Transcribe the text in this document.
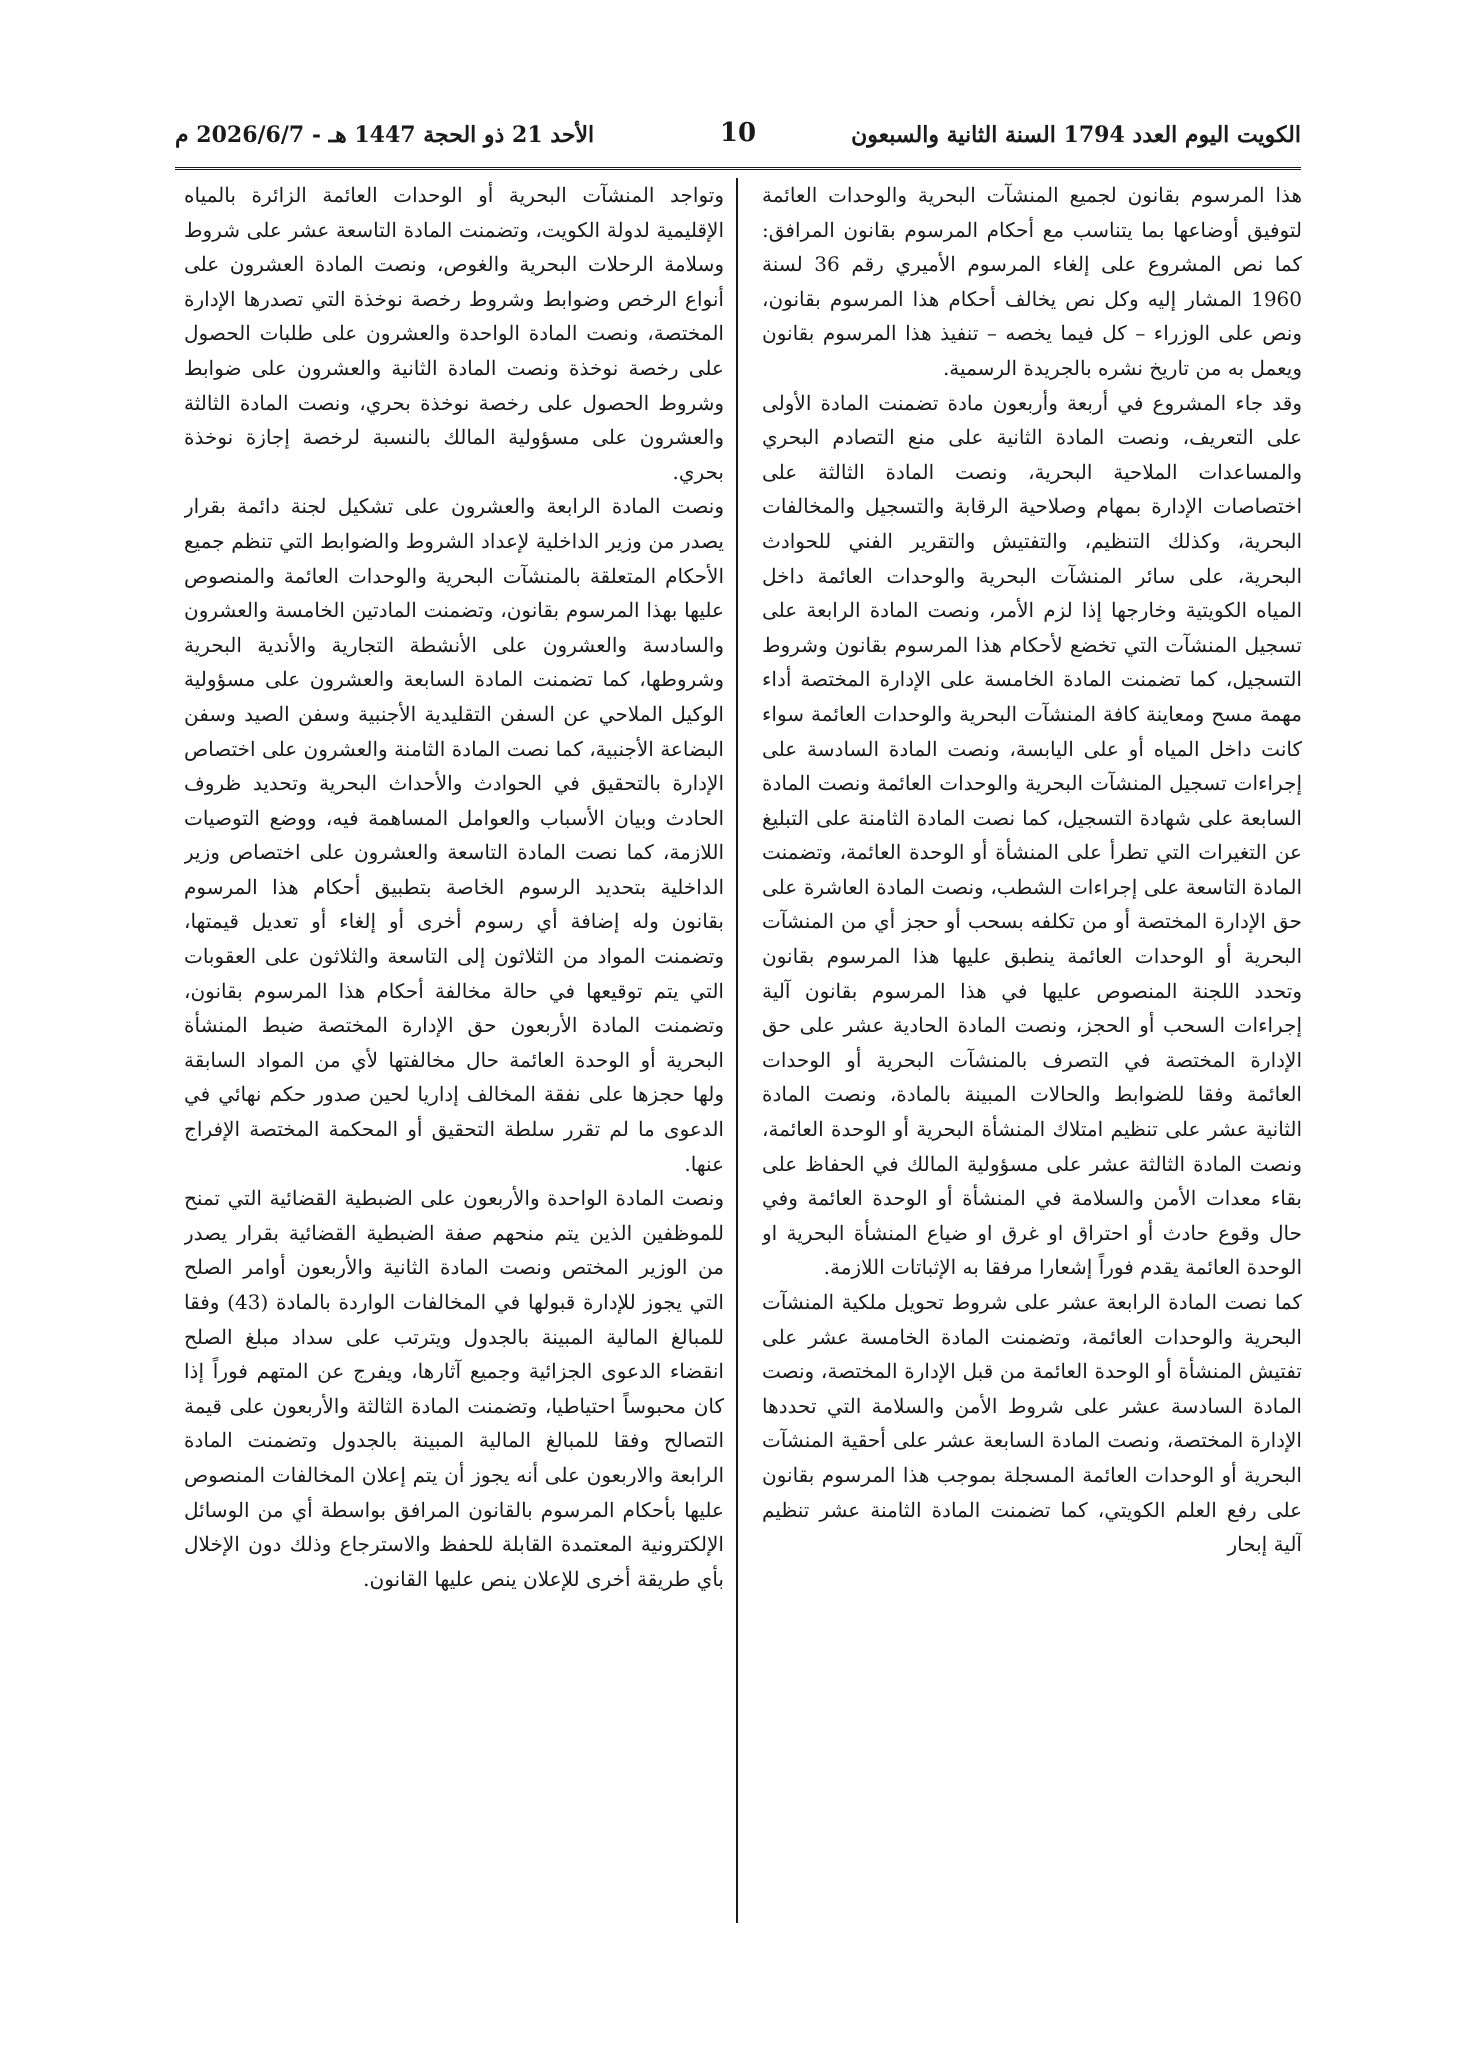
الكويت اليوم العدد 1794 السنة الثانية والسبعون
10
الأحد 21 ذو الحجة 1447 هـ - 2026/6/7 م

هذا المرسوم بقانون لجميع المنشآت البحرية والوحدات العائمة لتوفيق أوضاعها بما يتناسب مع أحكام المرسوم بقانون المرافق: كما نص المشروع على إلغاء المرسوم الأميري رقم 36 لسنة 1960 المشار إليه وكل نص يخالف أحكام هذا المرسوم بقانون، ونص على الوزراء – كل فيما يخصه – تنفيذ هذا المرسوم بقانون ويعمل به من تاريخ نشره بالجريدة الرسمية.

وقد جاء المشروع في أربعة وأربعون مادة تضمنت المادة الأولى على التعريف، ونصت المادة الثانية على منع التصادم البحري والمساعدات الملاحية البحرية، ونصت المادة الثالثة على اختصاصات الإدارة بمهام وصلاحية الرقابة والتسجيل والمخالفات البحرية، وكذلك التنظيم، والتفتيش والتقرير الفني للحوادث البحرية، على سائر المنشآت البحرية والوحدات العائمة داخل المياه الكويتية وخارجها إذا لزم الأمر، ونصت المادة الرابعة على تسجيل المنشآت التي تخضع لأحكام هذا المرسوم بقانون وشروط التسجيل، كما تضمنت المادة الخامسة على الإدارة المختصة أداء مهمة مسح ومعاينة كافة المنشآت البحرية والوحدات العائمة سواء كانت داخل المياه أو على اليابسة، ونصت المادة السادسة على إجراءات تسجيل المنشآت البحرية والوحدات العائمة ونصت المادة السابعة على شهادة التسجيل، كما نصت المادة الثامنة على التبليغ عن التغيرات التي تطرأ على المنشأة أو الوحدة العائمة، وتضمنت المادة التاسعة على إجراءات الشطب، ونصت المادة العاشرة على حق الإدارة المختصة أو من تكلفه بسحب أو حجز أي من المنشآت البحرية أو الوحدات العائمة ينطبق عليها هذا المرسوم بقانون وتحدد اللجنة المنصوص عليها في هذا المرسوم بقانون آلية إجراءات السحب أو الحجز، ونصت المادة الحادية عشر على حق الإدارة المختصة في التصرف بالمنشآت البحرية أو الوحدات العائمة وفقا للضوابط والحالات المبينة بالمادة، ونصت المادة الثانية عشر على تنظيم امتلاك المنشأة البحرية أو الوحدة العائمة، ونصت المادة الثالثة عشر على مسؤولية المالك في الحفاظ على بقاء معدات الأمن والسلامة في المنشأة أو الوحدة العائمة وفي حال وقوع حادث أو احتراق او غرق او ضياع المنشأة البحرية او الوحدة العائمة يقدم فوراً إشعارا مرفقا به الإثباتات اللازمة.

كما نصت المادة الرابعة عشر على شروط تحويل ملكية المنشآت البحرية والوحدات العائمة، وتضمنت المادة الخامسة عشر على تفتيش المنشأة أو الوحدة العائمة من قبل الإدارة المختصة، ونصت المادة السادسة عشر على شروط الأمن والسلامة التي تحددها الإدارة المختصة، ونصت المادة السابعة عشر على أحقية المنشآت البحرية أو الوحدات العائمة المسجلة بموجب هذا المرسوم بقانون على رفع العلم الكويتي، كما تضمنت المادة الثامنة عشر تنظيم آلية إبحار

وتواجد المنشآت البحرية أو الوحدات العائمة الزائرة بالمياه الإقليمية لدولة الكويت، وتضمنت المادة التاسعة عشر على شروط وسلامة الرحلات البحرية والغوص، ونصت المادة العشرون على أنواع الرخص وضوابط وشروط رخصة نوخذة التي تصدرها الإدارة المختصة، ونصت المادة الواحدة والعشرون على طلبات الحصول على رخصة نوخذة ونصت المادة الثانية والعشرون على ضوابط وشروط الحصول على رخصة نوخذة بحري، ونصت المادة الثالثة والعشرون على مسؤولية المالك بالنسبة لرخصة إجازة نوخذة بحري.

ونصت المادة الرابعة والعشرون على تشكيل لجنة دائمة بقرار يصدر من وزير الداخلية لإعداد الشروط والضوابط التي تنظم جميع الأحكام المتعلقة بالمنشآت البحرية والوحدات العائمة والمنصوص عليها بهذا المرسوم بقانون، وتضمنت المادتين الخامسة والعشرون والسادسة والعشرون على الأنشطة التجارية والأندية البحرية وشروطها، كما تضمنت المادة السابعة والعشرون على مسؤولية الوكيل الملاحي عن السفن التقليدية الأجنبية وسفن الصيد وسفن البضاعة الأجنبية، كما نصت المادة الثامنة والعشرون على اختصاص الإدارة بالتحقيق في الحوادث والأحداث البحرية وتحديد ظروف الحادث وبيان الأسباب والعوامل المساهمة فيه، ووضع التوصيات اللازمة، كما نصت المادة التاسعة والعشرون على اختصاص وزير الداخلية بتحديد الرسوم الخاصة بتطبيق أحكام هذا المرسوم بقانون وله إضافة أي رسوم أخرى أو إلغاء أو تعديل قيمتها، وتضمنت المواد من الثلاثون إلى التاسعة والثلاثون على العقوبات التي يتم توقيعها في حالة مخالفة أحكام هذا المرسوم بقانون، وتضمنت المادة الأربعون حق الإدارة المختصة ضبط المنشأة البحرية أو الوحدة العائمة حال مخالفتها لأي من المواد السابقة ولها حجزها على نفقة المخالف إداريا لحين صدور حكم نهائي في الدعوى ما لم تقرر سلطة التحقيق أو المحكمة المختصة الإفراج عنها.

ونصت المادة الواحدة والأربعون على الضبطية القضائية التي تمنح للموظفين الذين يتم منحهم صفة الضبطية القضائية بقرار يصدر من الوزير المختص ونصت المادة الثانية والأربعون أوامر الصلح التي يجوز للإدارة قبولها في المخالفات الواردة بالمادة (43) وفقا للمبالغ المالية المبينة بالجدول ويترتب على سداد مبلغ الصلح انقضاء الدعوى الجزائية وجميع آثارها، ويفرج عن المتهم فوراً إذا كان محبوساً احتياطيا، وتضمنت المادة الثالثة والأربعون على قيمة التصالح وفقا للمبالغ المالية المبينة بالجدول وتضمنت المادة الرابعة والاربعون على أنه يجوز أن يتم إعلان المخالفات المنصوص عليها بأحكام المرسوم بالقانون المرافق بواسطة أي من الوسائل الإلكترونية المعتمدة القابلة للحفظ والاسترجاع وذلك دون الإخلال بأي طريقة أخرى للإعلان ينص عليها القانون.
